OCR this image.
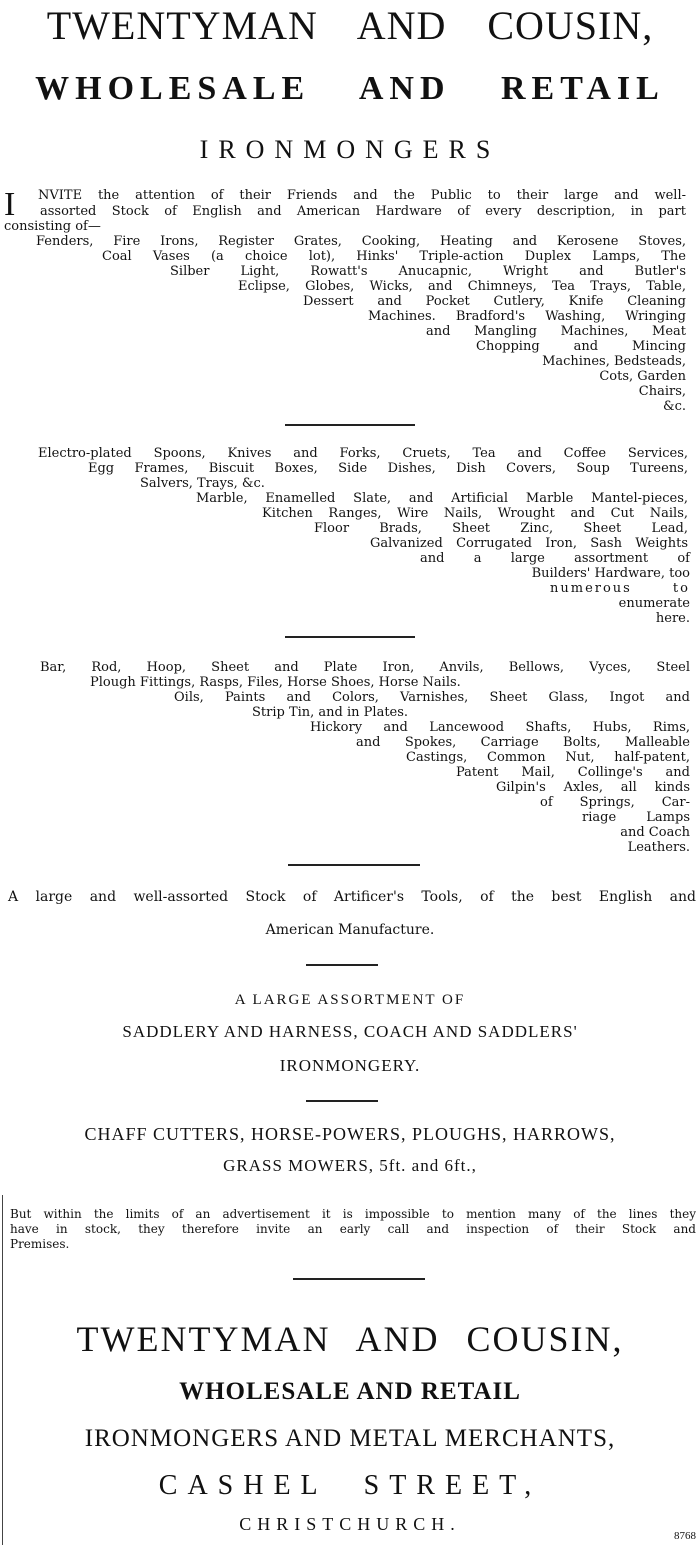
TWENTYMAN AND COUSIN,
WHOLESALE AND RETAIL
IRONMONGERS
I NVITE the attention of their Friends and the Public to their large and well-
assorted Stock of English and American Hardware of every description, in part
consisting of—
Fenders, Fire Irons, Register Grates, Cooking, Heating and Kerosene Stoves,
Coal Vases (a choice lot), Hinks' Triple-action Duplex Lamps, The
Silber Light, Rowatt's Anucapnic, Wright and Butler's
Eclipse, Globes, Wicks, and Chimneys, Tea Trays, Table,
Dessert and Pocket Cutlery, Knife Cleaning
Machines. Bradford's Washing, Wringing
and Mangling Machines, Meat
Chopping and Mincing
Machines, Bedsteads,
Cots, Garden
Chairs,
&c.
Electro-plated Spoons, Knives and Forks, Cruets, Tea and Coffee Services,
Egg Frames, Biscuit Boxes, Side Dishes, Dish Covers, Soup Tureens,
Salvers, Trays, &c.
Marble, Enamelled Slate, and Artificial Marble Mantel-pieces,
Kitchen Ranges, Wire Nails, Wrought and Cut Nails,
Floor Brads, Sheet Zinc, Sheet Lead,
Galvanized Corrugated Iron, Sash Weights
and a large assortment of
Builders' Hardware, too
numerous to
enumerate
here.
Bar, Rod, Hoop, Sheet and Plate Iron, Anvils, Bellows, Vyces, Steel
Plough Fittings, Rasps, Files, Horse Shoes, Horse Nails.
Oils, Paints and Colors, Varnishes, Sheet Glass, Ingot and
Strip Tin, and in Plates.
Hickory and Lancewood Shafts, Hubs, Rims,
and Spokes, Carriage Bolts, Malleable
Castings, Common Nut, half-patent,
Patent Mail, Collinge's and
Gilpin's Axles, all kinds
of Springs, Car-
riage Lamps
and Coach
Leathers.
A large and well-assorted Stock of Artificer's Tools, of the best English and
American Manufacture.
A LARGE ASSORTMENT OF
SADDLERY AND HARNESS, COACH AND SADDLERS'
IRONMONGERY.
CHAFF CUTTERS, HORSE-POWERS, PLOUGHS, HARROWS,
GRASS MOWERS, 5ft. and 6ft.,
But within the limits of an advertisement it is impossible to mention many of the lines they
have in stock, they therefore invite an early call and inspection of their Stock and
Premises.
TWENTYMAN AND COUSIN,
WHOLESALE AND RETAIL
IRONMONGERS AND METAL MERCHANTS,
CASHEL STREET,
CHRISTCHURCH.
8768
